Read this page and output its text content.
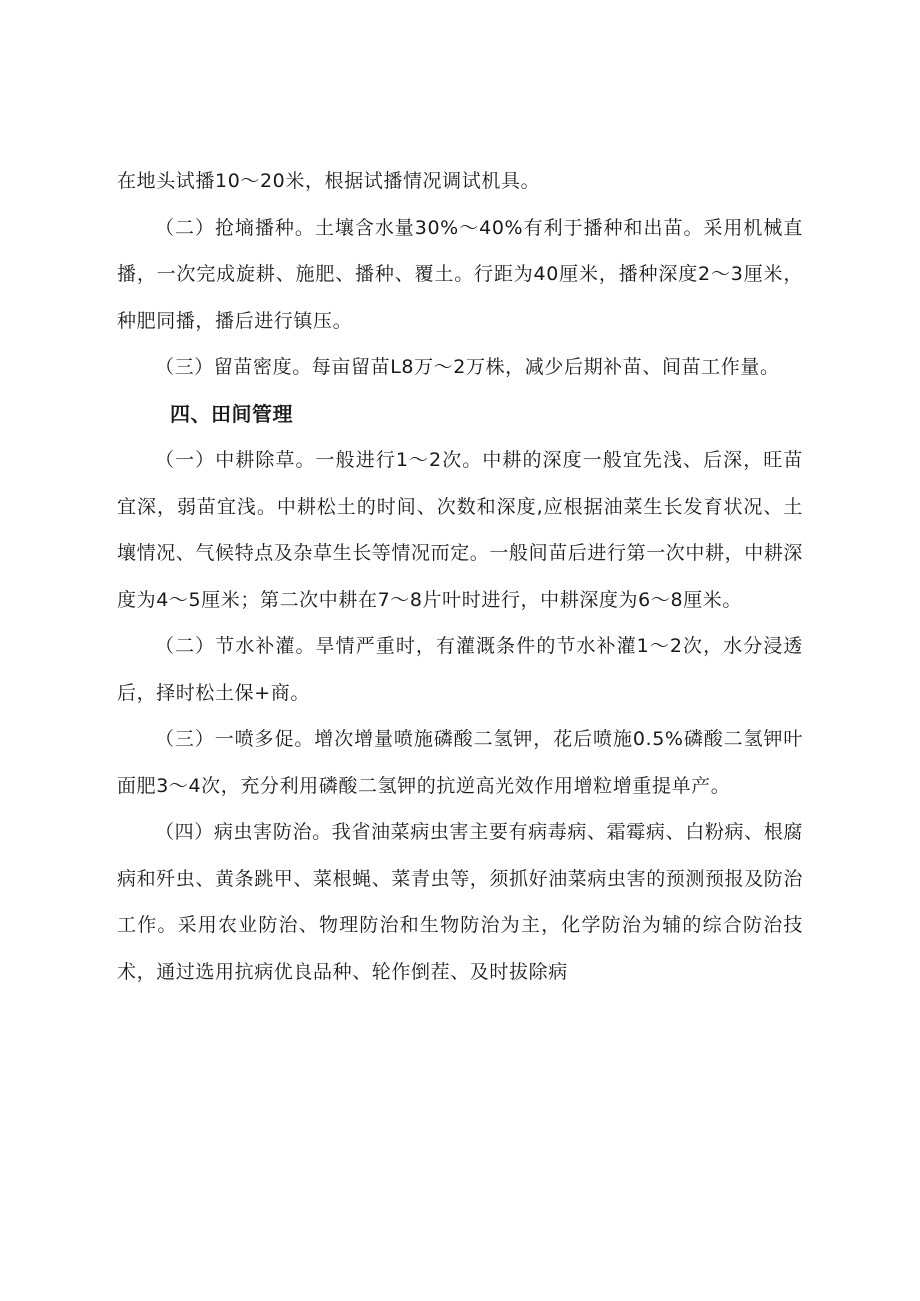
在地头试播10～20米，根据试播情况调试机具。

（二）抢墒播种。土壤含水量30%～40%有利于播种和出苗。采用机械直播，一次完成旋耕、施肥、播种、覆土。行距为40厘米，播种深度2～3厘米，种肥同播，播后进行镇压。

（三）留苗密度。每亩留苗L8万～2万株，减少后期补苗、间苗工作量。

四、田间管理

（一）中耕除草。一般进行1～2次。中耕的深度一般宜先浅、后深，旺苗宜深，弱苗宜浅。中耕松土的时间、次数和深度,应根据油菜生长发育状况、土壤情况、气候特点及杂草生长等情况而定。一般间苗后进行第一次中耕，中耕深度为4～5厘米；第二次中耕在7～8片叶时进行，中耕深度为6～8厘米。

（二）节水补灌。旱情严重时，有灌溉条件的节水补灌1～2次，水分浸透后，择时松土保+商。

（三）一喷多促。增次增量喷施磷酸二氢钾，花后喷施0.5%磷酸二氢钾叶面肥3～4次，充分利用磷酸二氢钾的抗逆高光效作用增粒增重提单产。

（四）病虫害防治。我省油菜病虫害主要有病毒病、霜霉病、白粉病、根腐病和歼虫、黄条跳甲、菜根蝇、菜青虫等，须抓好油菜病虫害的预测预报及防治工作。采用农业防治、物理防治和生物防治为主，化学防治为辅的综合防治技术，通过选用抗病优良品种、轮作倒茬、及时拔除病
